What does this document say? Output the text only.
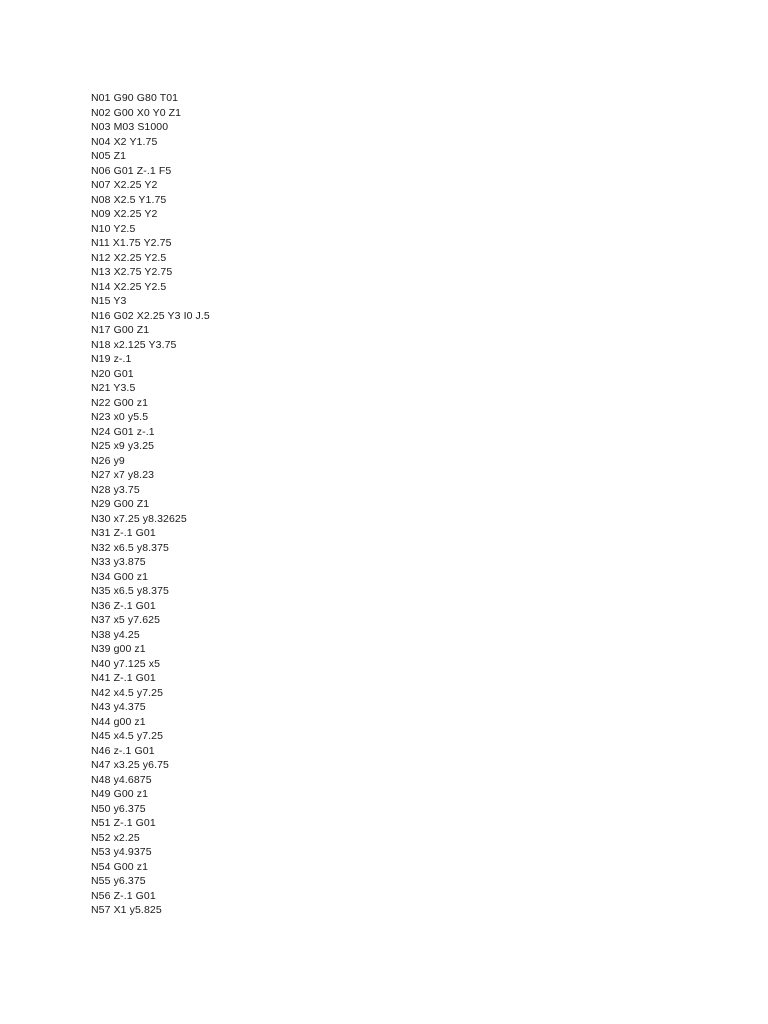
N01 G90 G80 T01
N02 G00 X0 Y0 Z1
N03 M03 S1000
N04 X2 Y1.75
N05 Z1
N06 G01 Z-.1 F5
N07 X2.25 Y2
N08 X2.5 Y1.75
N09 X2.25 Y2
N10 Y2.5
N11 X1.75 Y2.75
N12 X2.25 Y2.5
N13 X2.75 Y2.75
N14 X2.25 Y2.5
N15 Y3
N16 G02 X2.25 Y3 I0 J.5
N17 G00 Z1
N18 x2.125 Y3.75
N19 z-.1
N20 G01
N21 Y3.5
N22 G00 z1
N23 x0 y5.5
N24 G01 z-.1
N25 x9 y3.25
N26 y9
N27 x7 y8.23
N28 y3.75
N29 G00 Z1
N30 x7.25 y8.32625
N31 Z-.1 G01
N32 x6.5 y8.375
N33 y3.875
N34 G00 z1
N35 x6.5 y8.375
N36 Z-.1 G01
N37 x5 y7.625
N38 y4.25
N39 g00 z1
N40 y7.125 x5
N41 Z-.1 G01
N42 x4.5 y7.25
N43 y4.375
N44 g00 z1
N45 x4.5 y7.25
N46 z-.1 G01
N47 x3.25 y6.75
N48 y4.6875
N49 G00 z1
N50 y6.375
N51 Z-.1 G01
N52 x2.25
N53 y4.9375
N54 G00 z1
N55 y6.375
N56 Z-.1 G01
N57 X1 y5.825
